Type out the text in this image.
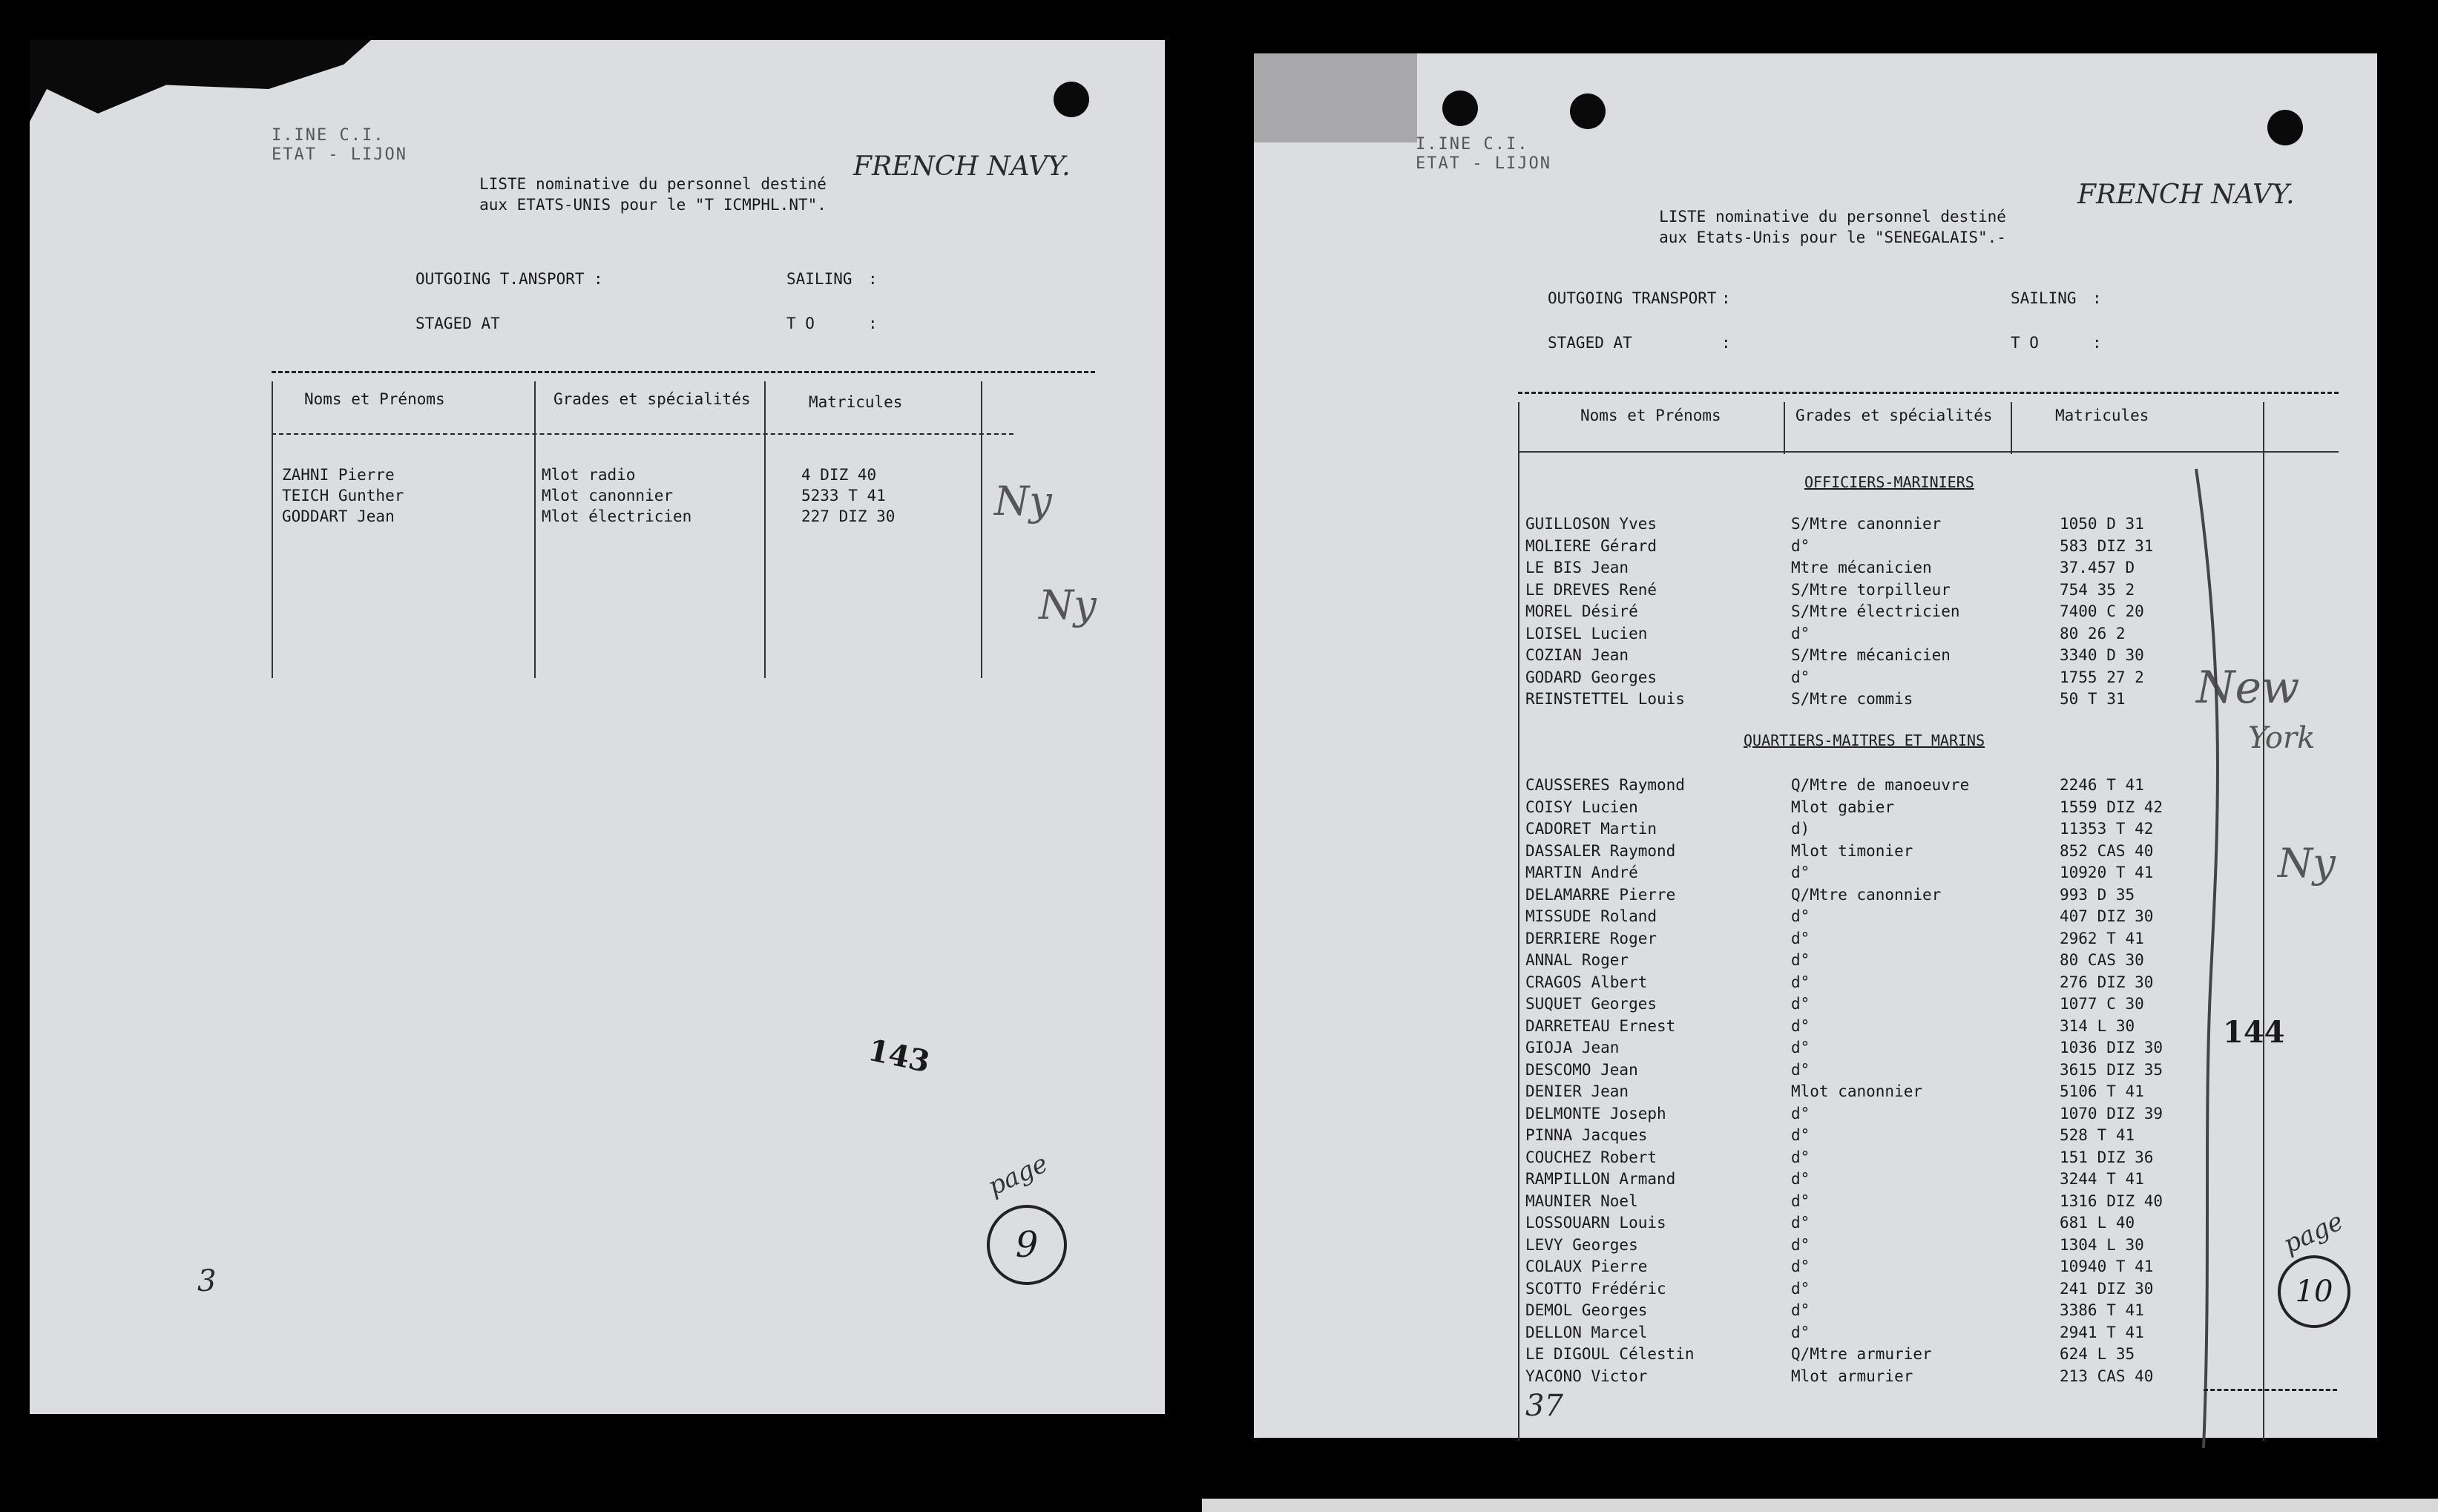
I.INE C.I.
ETAT - LIJON
LISTE nominative du personnel destiné
aux ETATS-UNIS pour le "T ICMPHL.NT".
FRENCH NAVY.
OUTGOING T.ANSPORT :	SAILING :
STAGED AT	T O	:
Noms et Prénoms	Grades et spécialités	Matricules
ZAHNI Pierre	Mlot radio	4 DIZ 40
TEICH Gunther	Mlot canonnier	5233 T 41
GODDART Jean	Mlot électricien	227 DIZ 30 Ny
Ny
143
page
9
3
I.INE C.I.
ETAT - LIJON
LISTE nominative du personnel destiné
aux Etats-Unis pour le "SENEGALAIS".-
FRENCH NAVY.
OUTGOING TRANSPORT :	SAILING :
STAGED AT	:	T O	:
Noms et Prénoms	Grades et spécialités	Matricules
OFFICIERS-MARINIERS
GUILLOSON Yves	S/Mtre canonnier	1050 D 31
MOLIERE Gérard	d°	583 DIZ 31
LE BIS Jean	Mtre mécanicien	37.457 D
LE DREVES René	S/Mtre torpilleur	754 35 2
MOREL Désiré	S/Mtre électricien	7400 C 20
LOISEL Lucien	d°	80 26 2
COZIAN Jean	S/Mtre mécanicien	3340 D 30
GODARD Georges	d°	1755 27 2
REINSTETTEL Louis	S/Mtre commis	50 T 31
QUARTIERS-MAITRES ET MARINS
CAUSSERES Raymond	Q/Mtre de manoeuvre	2246 T 41
COISY Lucien	Mlot gabier	1559 DIZ 42
CADORET Martin	d)	11353 T 42
DASSALER Raymond	Mlot timonier	852 CAS 40
MARTIN André	d°	10920 T 41
DELAMARRE Pierre	Q/Mtre canonnier	993 D 35
MISSUDE Roland	d°	407 DIZ 30
DERRIERE Roger	d°	2962 T 41
ANNAL Roger	d°	80 CAS 30
CRAGOS Albert	d°	276 DIZ 30
SUQUET Georges	d°	1077 C 30
DARRETEAU Ernest	d°	314 L 30
GIOJA Jean	d°	1036 DIZ 30
DESCOMO Jean	d°	3615 DIZ 35
DENIER Jean	Mlot canonnier	5106 T 41
DELMONTE Joseph	d°	1070 DIZ 39
PINNA Jacques	d°	528 T 41
COUCHEZ Robert	d°	151 DIZ 36
RAMPILLON Armand	d°	3244 T 41
MAUNIER Noel	d°	1316 DIZ 40
LOSSOUARN Louis	d°	681 L 40
LEVY Georges	d°	1304 L 30
COLAUX Pierre	d°	10940 T 41
SCOTTO Frédéric	d°	241 DIZ 30
DEMOL Georges	d°	3386 T 41
DELLON Marcel	d°	2941 T 41
LE DIGOUL Célestin	Q/Mtre armurier	624 L 35
YACONO Victor	Mlot armurier	213 CAS 40
New
York
Ny
144
page
10
37
